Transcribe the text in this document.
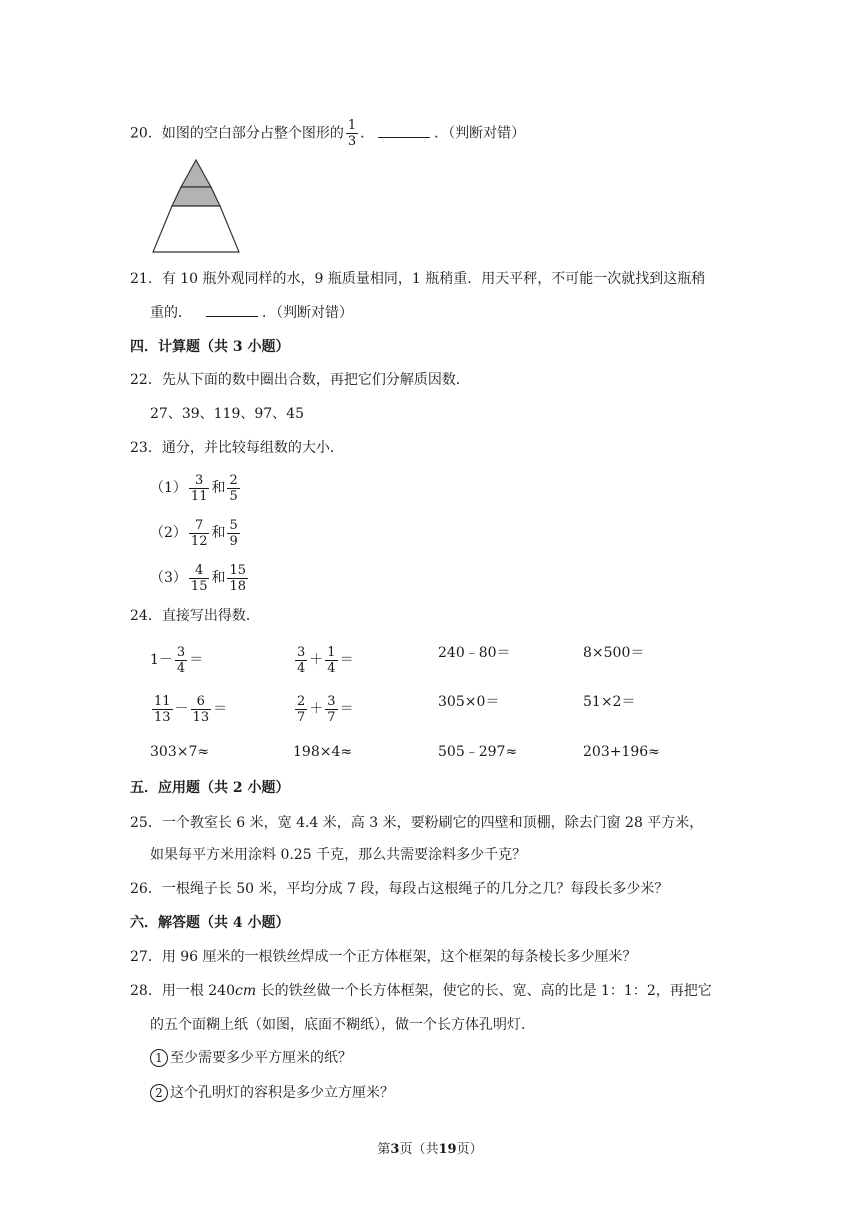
20．如图的空白部分占整个图形的 $\frac{1}{3}$ ．	．（判断对错）
21．有 10 瓶外观同样的水，9 瓶质量相同，1 瓶稍重．用天平秤，不可能一次就找到这瓶稍
重的．	．（判断对错）
四．计算题（共 3 小题）
22．先从下面的数中圈出合数，再把它们分解质因数．
27、39、119、97、45
23．通分，并比较每组数的大小．
$(1) \frac{3}{11}$ 和 $\frac{2}{5}$
$(2) \frac{7}{12}$ 和 $\frac{5}{9}$
$(3) \frac{4}{15}$ 和 $\frac{15}{18}$
24．直接写出得数．
$1- \frac{3}{4}$ ＝	$\frac{3}{4} + \frac{1}{4}$ ＝	240﹣80＝	8×500＝
$\frac{11}{13} - \frac{6}{13}$ ＝	$\frac{2}{7} + \frac{3}{7}$ ＝	305×0＝	51×2＝
303×7≈	198×4≈	505﹣297≈	203+196≈
五．应用题（共 2 小题）
25．一个教室长 6 米，宽 4.4 米，高 3 米，要粉刷它的四壁和顶棚，除去门窗 28 平方米，
如果每平方米用涂料 0.25 千克，那么共需要涂料多少千克？
26．一根绳子长 50 米，平均分成 7 段，每段占这根绳子的几分之几？每段长多少米？
六．解答题（共 4 小题）
27．用 96 厘米的一根铁丝焊成一个正方体框架，这个框架的每条棱长多少厘米？
28．用一根 240cm 长的铁丝做一个长方体框架，使它的长、宽、高的比是 1：1：2，再把它
的五个面糊上纸（如图，底面不糊纸），做一个长方体孔明灯．
1 至少需要多少平方厘米的纸？
2 这个孔明灯的容积是多少立方厘米？
第3页（共19页）
